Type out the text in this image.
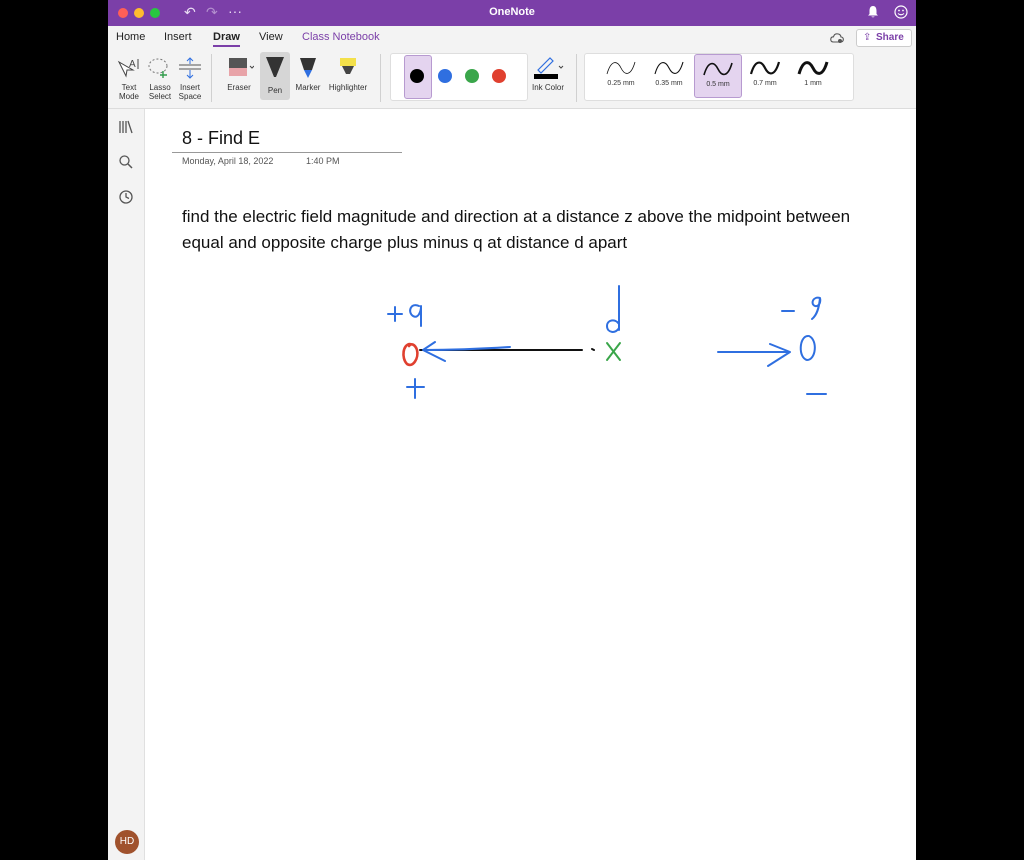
↶ ↷ ···	OneNote
Home Insert Draw View Class Notebook	⇪ Share
A
Text Mode
Lasso Select
Insert Space
Eraser	Pen	Marker	Highlighter	Ink Color	0.25 mm	0.35 mm	0.5 mm	0.7 mm	1 mm
HD
8 - Find E
Monday, April 18, 2022	1:40 PM
find the electric field magnitude and direction at a distance z above the midpoint between equal and opposite charge plus minus q at distance d apart
